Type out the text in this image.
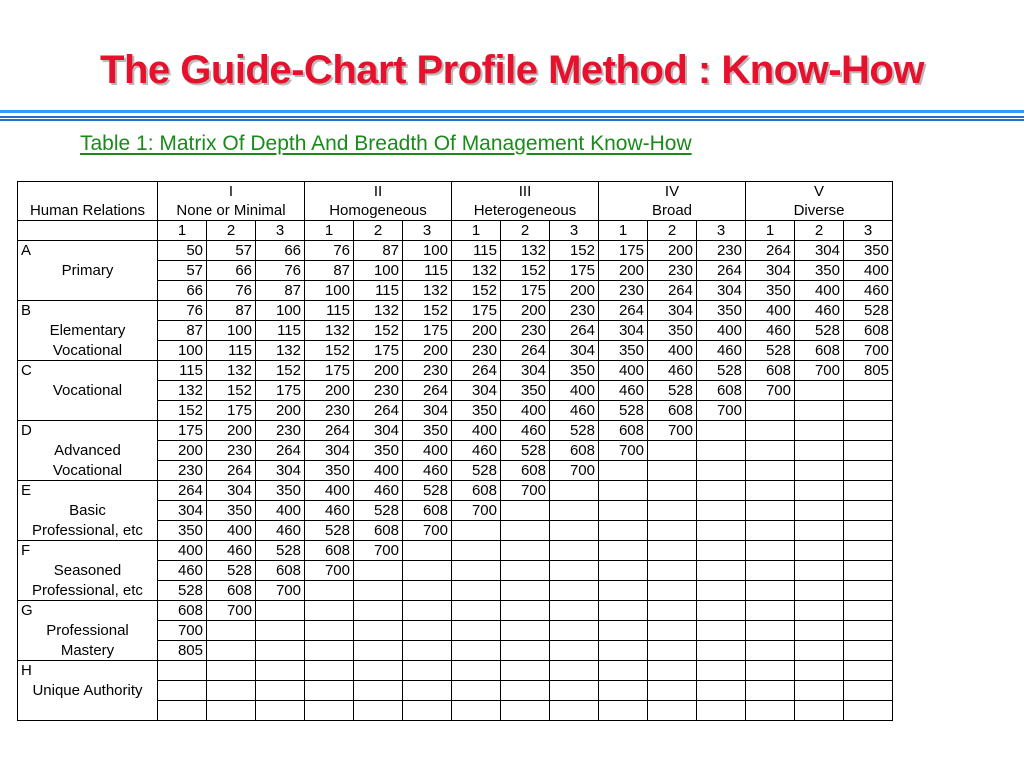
The Guide-Chart Profile Method : Know-How
Table 1: Matrix Of Depth And Breadth Of Management Know-How
	I			II			III			IV			V		
Human Relations	None or Minimal			Homogeneous			Heterogeneous			Broad			Diverse		
	1	2	3	1	2	3	1	2	3	1	2	3	1	2	3
A	50	57	66	76	87	100	115	132	152	175	200	230	264	304	350
Primary	57	66	76	87	100	115	132	152	175	200	230	264	304	350	400
	66	76	87	100	115	132	152	175	200	230	264	304	350	400	460
B	76	87	100	115	132	152	175	200	230	264	304	350	400	460	528
Elementary	87	100	115	132	152	175	200	230	264	304	350	400	460	528	608
Vocational	100	115	132	152	175	200	230	264	304	350	400	460	528	608	700
C	115	132	152	175	200	230	264	304	350	400	460	528	608	700	805
Vocational	132	152	175	200	230	264	304	350	400	460	528	608	700		
	152	175	200	230	264	304	350	400	460	528	608	700			
D	175	200	230	264	304	350	400	460	528	608	700				
Advanced	200	230	264	304	350	400	460	528	608	700					
Vocational	230	264	304	350	400	460	528	608	700						
E	264	304	350	400	460	528	608	700							
Basic	304	350	400	460	528	608	700								
Professional, etc	350	400	460	528	608	700									
F	400	460	528	608	700										
Seasoned	460	528	608	700											
Professional, etc	528	608	700												
G	608	700													
Professional	700														
Mastery	805														
H															
Unique Authority															
